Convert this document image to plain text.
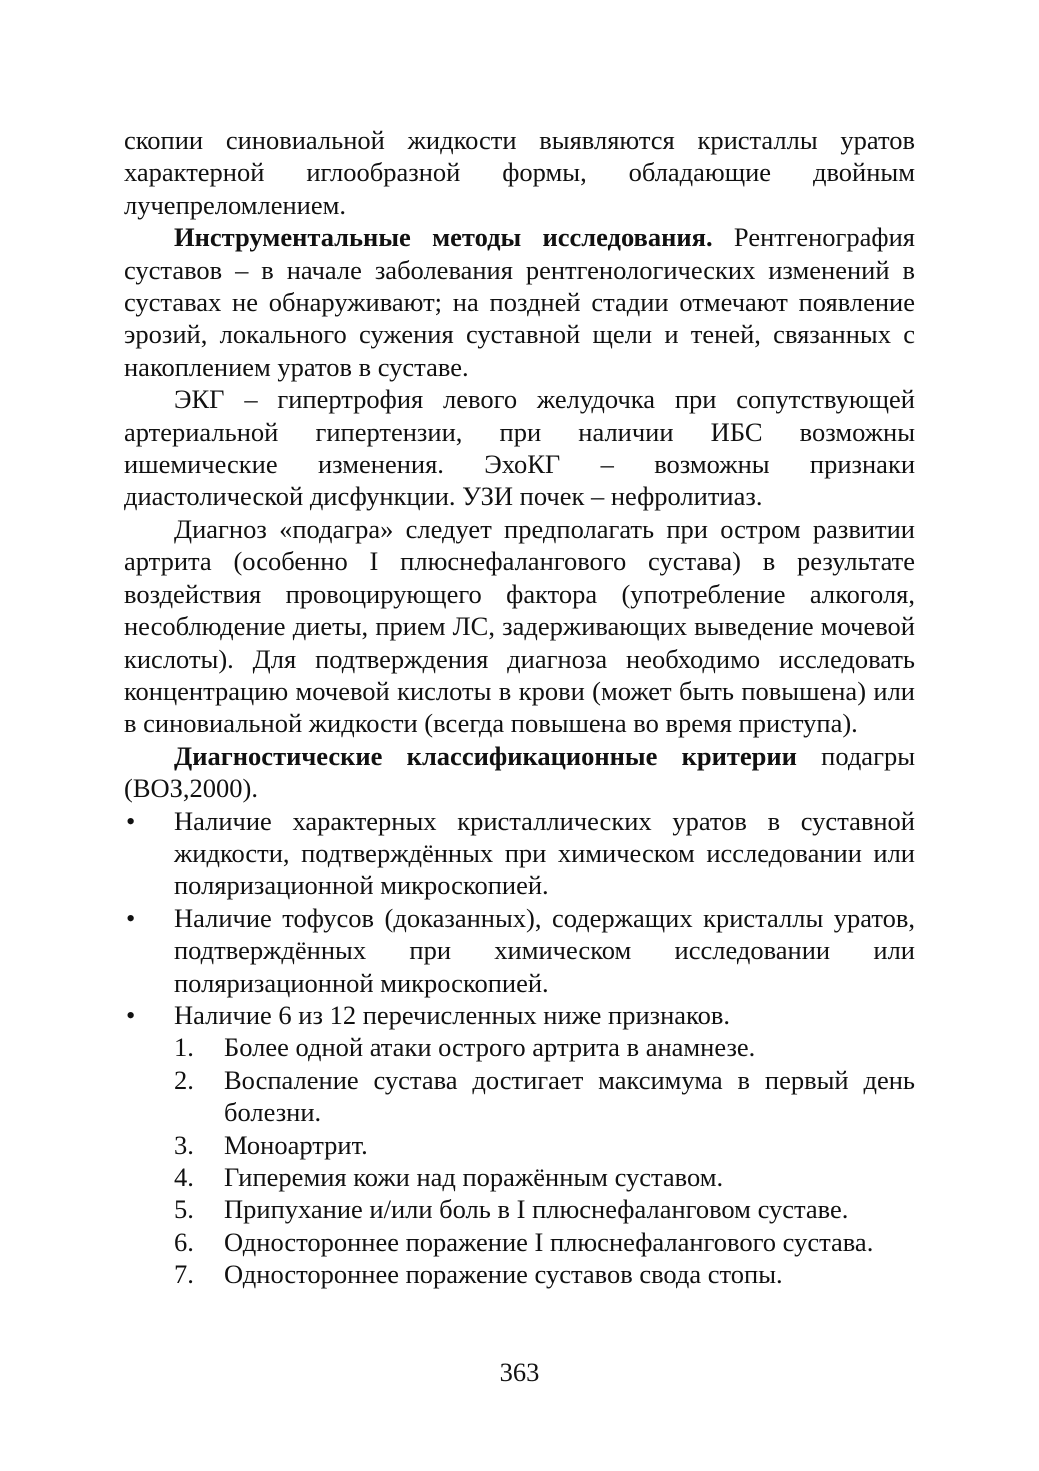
скопии синовиальной жидкости выявляются кристаллы уратов характерной иглообразной формы, обладающие двойным лучепреломлением.

Инструментальные методы исследования. Рентгенография суставов – в начале заболевания рентгенологических изменений в суставах не обнаруживают; на поздней стадии отмечают появление эрозий, локального сужения суставной щели и теней, связанных с накоплением уратов в суставе.

ЭКГ – гипертрофия левого желудочка при сопутствующей артериальной гипертензии, при наличии ИБС возможны ишемические изменения. ЭхоКГ – возможны признаки диастолической дисфункции. УЗИ почек – нефролитиаз.

Диагноз «подагра» следует предполагать при остром развитии артрита (особенно I плюснефалангового сустава) в результате воздействия провоцирующего фактора (употребление алкоголя, несоблюдение диеты, прием ЛС, задерживающих выведение мочевой кислоты). Для подтверждения диагноза необходимо исследовать концентрацию мочевой кислоты в крови (может быть повышена) или в синовиальной жидкости (всегда повышена во время приступа).

Диагностические классификационные критерии подагры (ВОЗ,2000).

• Наличие характерных кристаллических уратов в суставной жидкости, подтверждённых при химическом исследовании или поляризационной микроскопией.
• Наличие тофусов (доказанных), содержащих кристаллы уратов, подтверждённых при химическом исследовании или поляризационной микроскопией.
• Наличие 6 из 12 перечисленных ниже признаков.
1. Более одной атаки острого артрита в анамнезе.
2. Воспаление сустава достигает максимума в первый день болезни.
3. Моноартрит.
4. Гиперемия кожи над поражённым суставом.
5. Припухание и/или боль в I плюснефаланговом суставе.
6. Одностороннее поражение I плюснефалангового сустава.
7. Одностороннее поражение суставов свода стопы.
363
